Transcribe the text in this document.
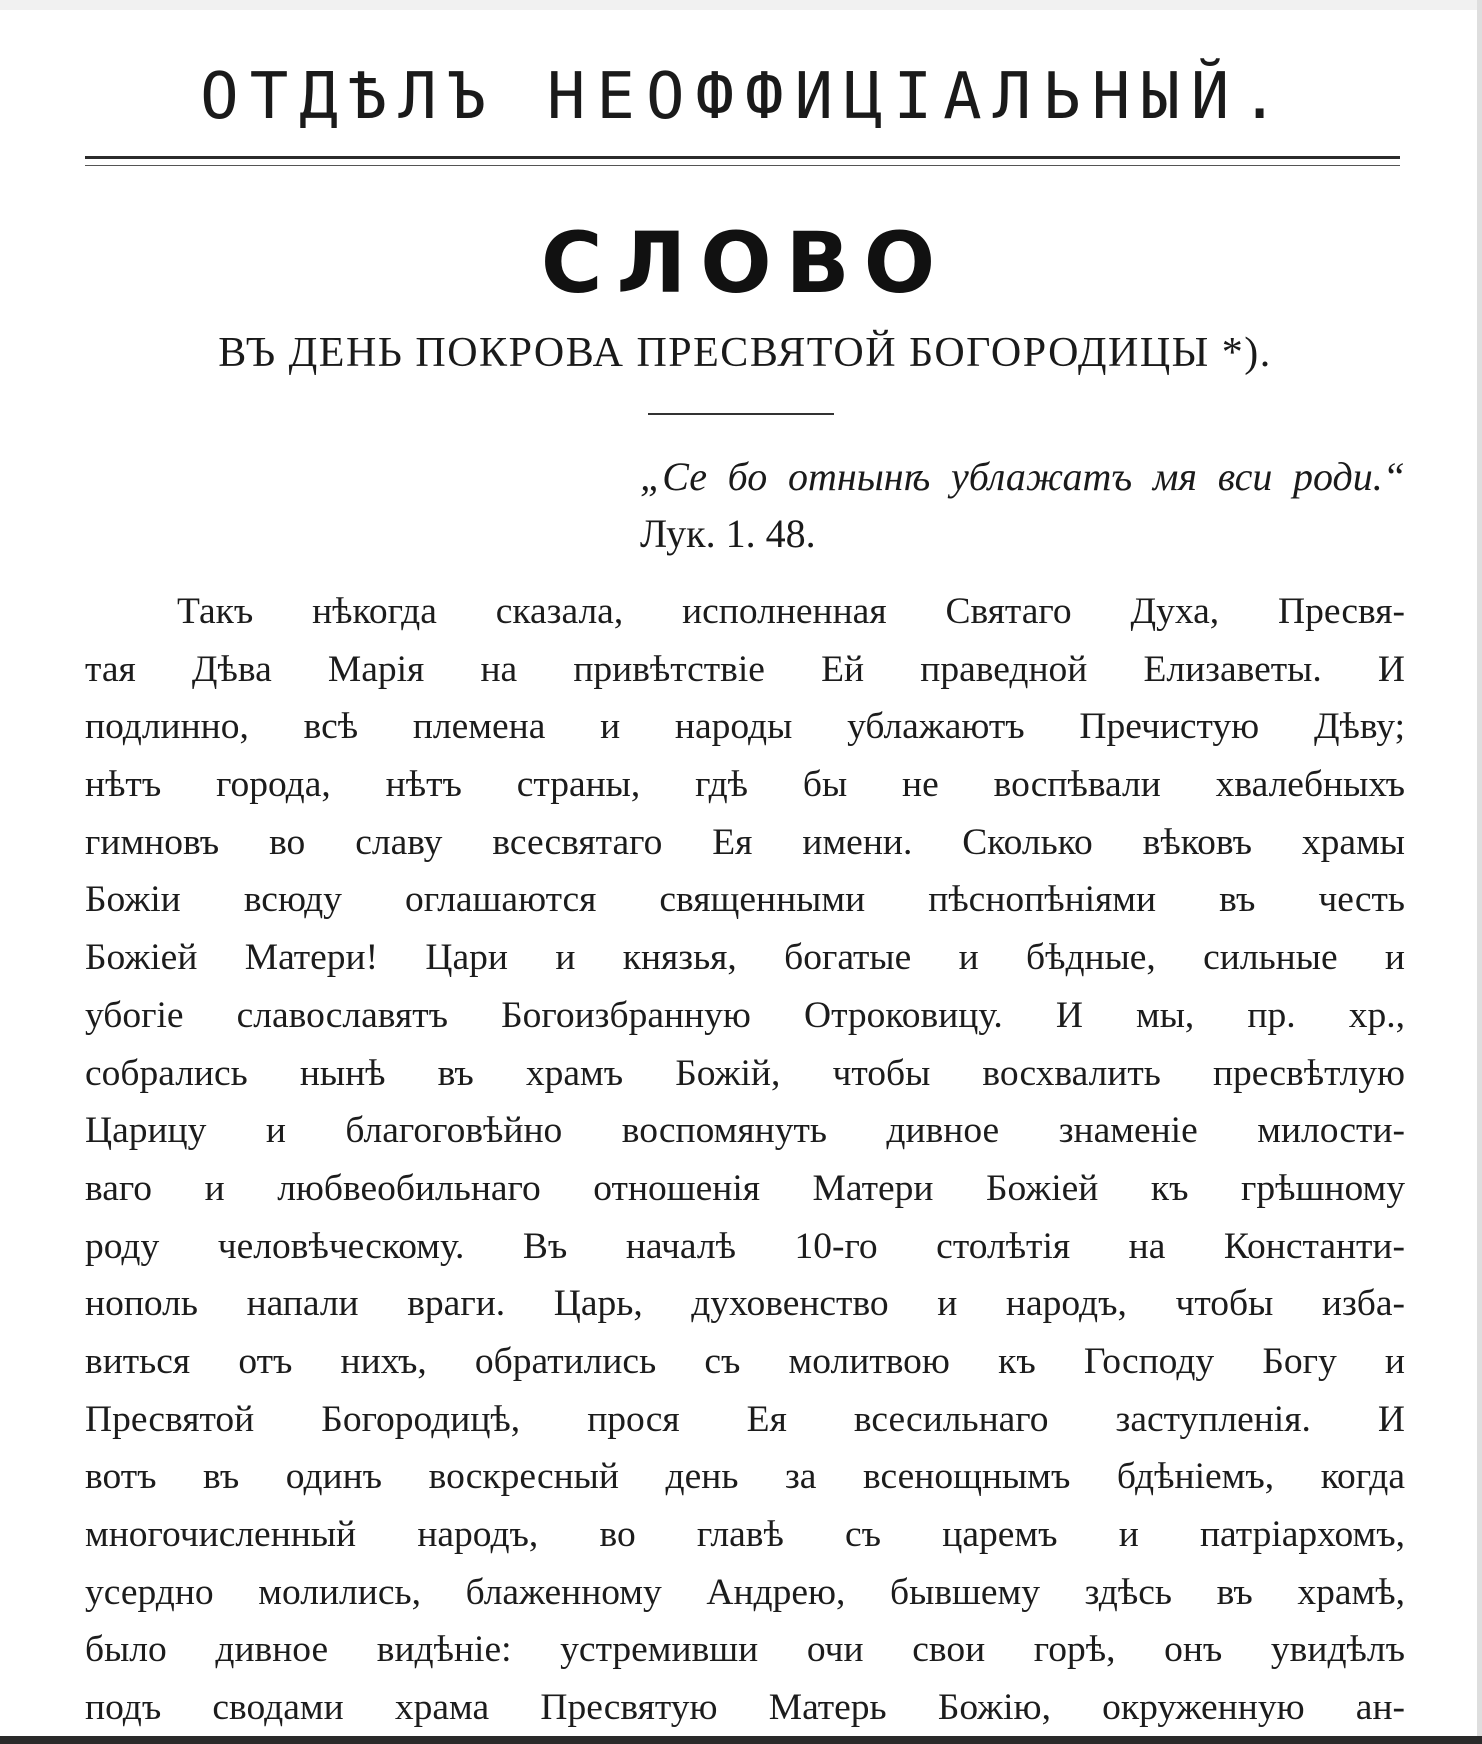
ОТДѢЛЪ НЕОФФИЦІАЛЬНЫЙ.
СЛОВО
ВЪ ДЕНЬ ПОКРОВА ПРЕСВЯТОЙ БОГОРОДИЦЫ *).
„Се бо отнынѣ ублажатъ мя вси роди.“ Лук. 1. 48.
Такъ нѣкогда сказала, исполненная Святаго Духа, Пресвя-
тая Дѣва Марія на привѣтствіе Ей праведной Елизаветы. И
подлинно, всѣ племена и народы ублажаютъ Пречистую Дѣву;
нѣтъ города, нѣтъ страны, гдѣ бы не воспѣвали хвалебныхъ
гимновъ во славу всесвятаго Ея имени. Сколько вѣковъ храмы
Божіи всюду оглашаются священными пѣснопѣніями въ честь
Божіей Матери! Цари и князья, богатые и бѣдные, сильные и
убогіе славославятъ Богоизбранную Отроковицу. И мы, пр. хр.,
собрались нынѣ въ храмъ Божій, чтобы восхвалить пресвѣтлую
Царицу и благоговѣйно воспомянуть дивное знаменіе милости-
ваго и любвеобильнаго отношенія Матери Божіей къ грѣшному
роду человѣческому. Въ началѣ 10-го столѣтія на Константи-
нополь напали враги. Царь, духовенство и народъ, чтобы изба-
виться отъ нихъ, обратились съ молитвою къ Господу Богу и
Пресвятой Богородицѣ, прося Ея всесильнаго заступленія. И
вотъ въ одинъ воскресный день за всенощнымъ бдѣніемъ, когда
многочисленный народъ, во главѣ съ царемъ и патріархомъ,
усердно молились, блаженному Андрею, бывшему здѣсь въ храмѣ,
было дивное видѣніе: устремивши очи свои горѣ, онъ увидѣлъ
подъ сводами храма Пресвятую Матерь Божію, окруженную ан-
